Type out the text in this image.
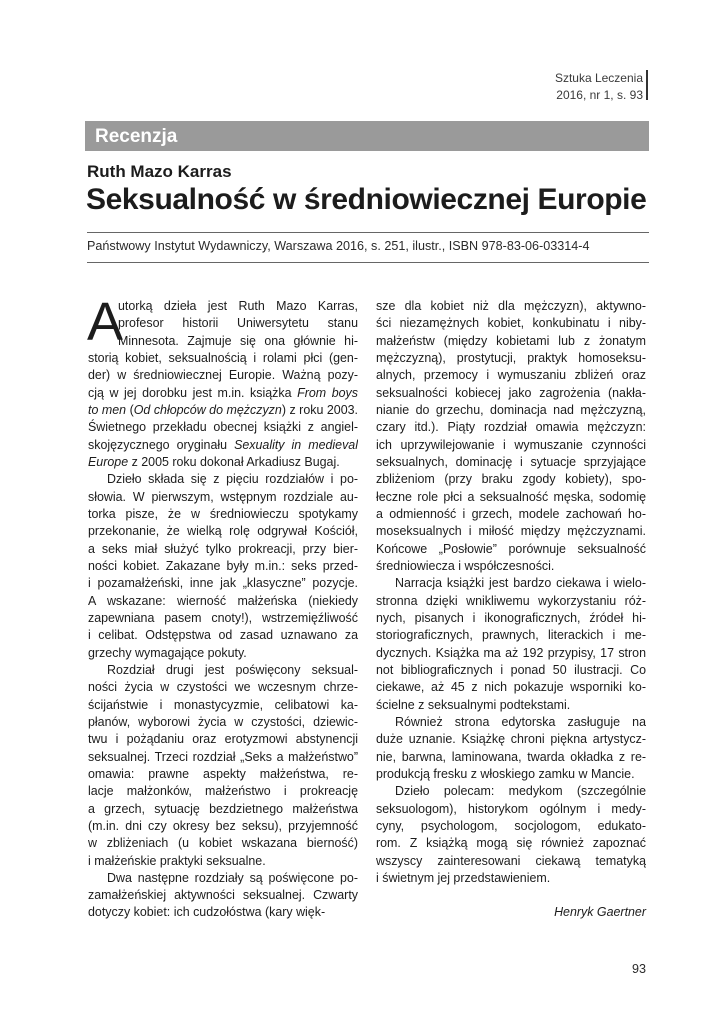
Sztuka Leczenia
2016, nr 1, s. 93
Recenzja
Ruth Mazo Karras
Seksualność w średniowiecznej Europie
Państwowy Instytut Wydawniczy, Warszawa 2016, s. 251, ilustr., ISBN 978-83-06-03314-4
A
utorką dzieła jest Ruth Mazo Karras,
profesor historii Uniwersytetu stanu
Minnesota. Zajmuje się ona głównie hi-
storią kobiet, seksualnością i rolami płci (gen-
der) w średniowiecznej Europie. Ważną pozy-
cją w jej dorobku jest m.in. książka From boys
to men (Od chłopców do mężczyzn) z roku 2003.
Świetnego przekładu obecnej książki z angiel-
skojęzycznego oryginału Sexuality in medieval
Europe z 2005 roku dokonał Arkadiusz Bugaj.
Dzieło składa się z pięciu rozdziałów i po-
słowia. W pierwszym, wstępnym rozdziale au-
torka pisze, że w średniowieczu spotykamy
przekonanie, że wielką rolę odgrywał Kościół,
a seks miał służyć tylko prokreacji, przy bier-
ności kobiet. Zakazane były m.in.: seks przed-
i pozamałżeński, inne jak „klasyczne” pozycje.
A wskazane: wierność małżeńska (niekiedy
zapewniana pasem cnoty!), wstrzemięźliwość
i celibat. Odstępstwa od zasad uznawano za
grzechy wymagające pokuty.
Rozdział drugi jest poświęcony seksual-
ności życia w czystości we wczesnym chrze-
ścijaństwie i monastycyzmie, celibatowi ka-
płanów, wyborowi życia w czystości, dziewic-
twu i pożądaniu oraz erotyzmowi abstynencji
seksualnej. Trzeci rozdział „Seks a małżeństwo”
omawia: prawne aspekty małżeństwa, re-
lacje małżonków, małżeństwo i prokreację
a grzech, sytuację bezdzietnego małżeństwa
(m.in. dni czy okresy bez seksu), przyjemność
w zbliżeniach (u kobiet wskazana bierność)
i małżeńskie praktyki seksualne.
Dwa następne rozdziały są poświęcone po-
zamałżeńskiej aktywności seksualnej. Czwarty
dotyczy kobiet: ich cudzołóstwa (kary więk-	Henryk Gaertner
sze dla kobiet niż dla mężczyzn), aktywno-
ści niezamężnych kobiet, konkubinatu i niby-
małżeństw (między kobietami lub z żonatym
mężczyzną), prostytucji, praktyk homoseksu-
alnych, przemocy i wymuszaniu zbliżeń oraz
seksualności kobiecej jako zagrożenia (nakła-
nianie do grzechu, dominacja nad mężczyzną,
czary itd.). Piąty rozdział omawia mężczyzn:
ich uprzywilejowanie i wymuszanie czynności
seksualnych, dominację i sytuacje sprzyjające
zbliżeniom (przy braku zgody kobiety), spo-
łeczne role płci a seksualność męska, sodomię
a odmienność i grzech, modele zachowań ho-
moseksualnych i miłość między mężczyznami.
Końcowe „Posłowie” porównuje seksualność
średniowiecza i współczesności.
Narracja książki jest bardzo ciekawa i wielo-
stronna dzięki wnikliwemu wykorzystaniu róż-
nych, pisanych i ikonograficznych, źródeł hi-
storiograficznych, prawnych, literackich i me-
dycznych. Książka ma aż 192 przypisy, 17 stron
not bibliograficznych i ponad 50 ilustracji. Co
ciekawe, aż 45 z nich pokazuje wsporniki ko-
ścielne z seksualnymi podtekstami.
Również strona edytorska zasługuje na
duże uznanie. Książkę chroni piękna artystycz-
nie, barwna, laminowana, twarda okładka z re-
produkcją fresku z włoskiego zamku w Mancie.
Dzieło polecam: medykom (szczególnie
seksuologom), historykom ogólnym i medy-
cyny, psychologom, socjologom, edukato-
rom. Z książką mogą się również zapoznać
wszyscy zainteresowani ciekawą tematyką
i świetnym jej przedstawieniem.
93
